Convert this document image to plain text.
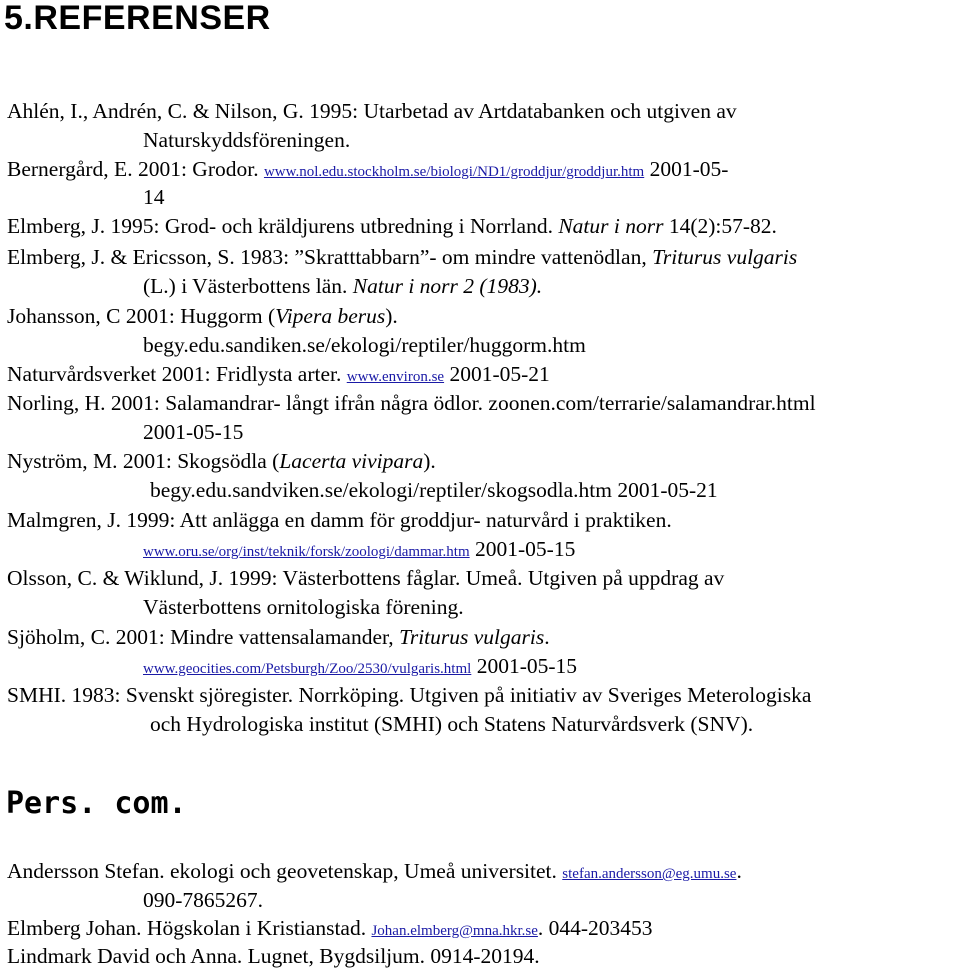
5.REFERENSER
Ahlén, I., Andrén, C. & Nilson, G. 1995: Utarbetad av Artdatabanken och utgiven av
Naturskyddsföreningen.
Bernergård, E. 2001: Grodor. www.nol.edu.stockholm.se/biologi/ND1/groddjur/groddjur.htm 2001-05-
14
Elmberg, J. 1995: Grod- och kräldjurens utbredning i Norrland. Natur i norr 14(2):57-82.
Elmberg, J. & Ericsson, S. 1983: ”Skratttabbarn”- om mindre vattenödlan, Triturus vulgaris
(L.) i Västerbottens län. Natur i norr 2 (1983).
Johansson, C 2001: Huggorm (Vipera berus).
begy.edu.sandiken.se/ekologi/reptiler/huggorm.htm
Naturvårdsverket 2001: Fridlysta arter. www.environ.se 2001-05-21
Norling, H. 2001: Salamandrar- långt ifrån några ödlor. zoonen.com/terrarie/salamandrar.html
2001-05-15
Nyström, M. 2001: Skogsödla (Lacerta vivipara).
begy.edu.sandviken.se/ekologi/reptiler/skogsodla.htm 2001-05-21
Malmgren, J. 1999: Att anlägga en damm för groddjur- naturvård i praktiken.
www.oru.se/org/inst/teknik/forsk/zoologi/dammar.htm 2001-05-15
Olsson, C. & Wiklund, J. 1999: Västerbottens fåglar. Umeå. Utgiven på uppdrag av
Västerbottens ornitologiska förening.
Sjöholm, C. 2001: Mindre vattensalamander, Triturus vulgaris.
www.geocities.com/Petsburgh/Zoo/2530/vulgaris.html 2001-05-15
SMHI. 1983: Svenskt sjöregister. Norrköping. Utgiven på initiativ av Sveriges Meterologiska
och Hydrologiska institut (SMHI) och Statens Naturvårdsverk (SNV).
Pers. com.
Andersson Stefan. ekologi och geovetenskap, Umeå universitet. stefan.andersson@eg.umu.se.
090-7865267.
Elmberg Johan. Högskolan i Kristianstad. Johan.elmberg@mna.hkr.se. 044-203453
Lindmark David och Anna. Lugnet, Bygdsiljum. 0914-20194.
